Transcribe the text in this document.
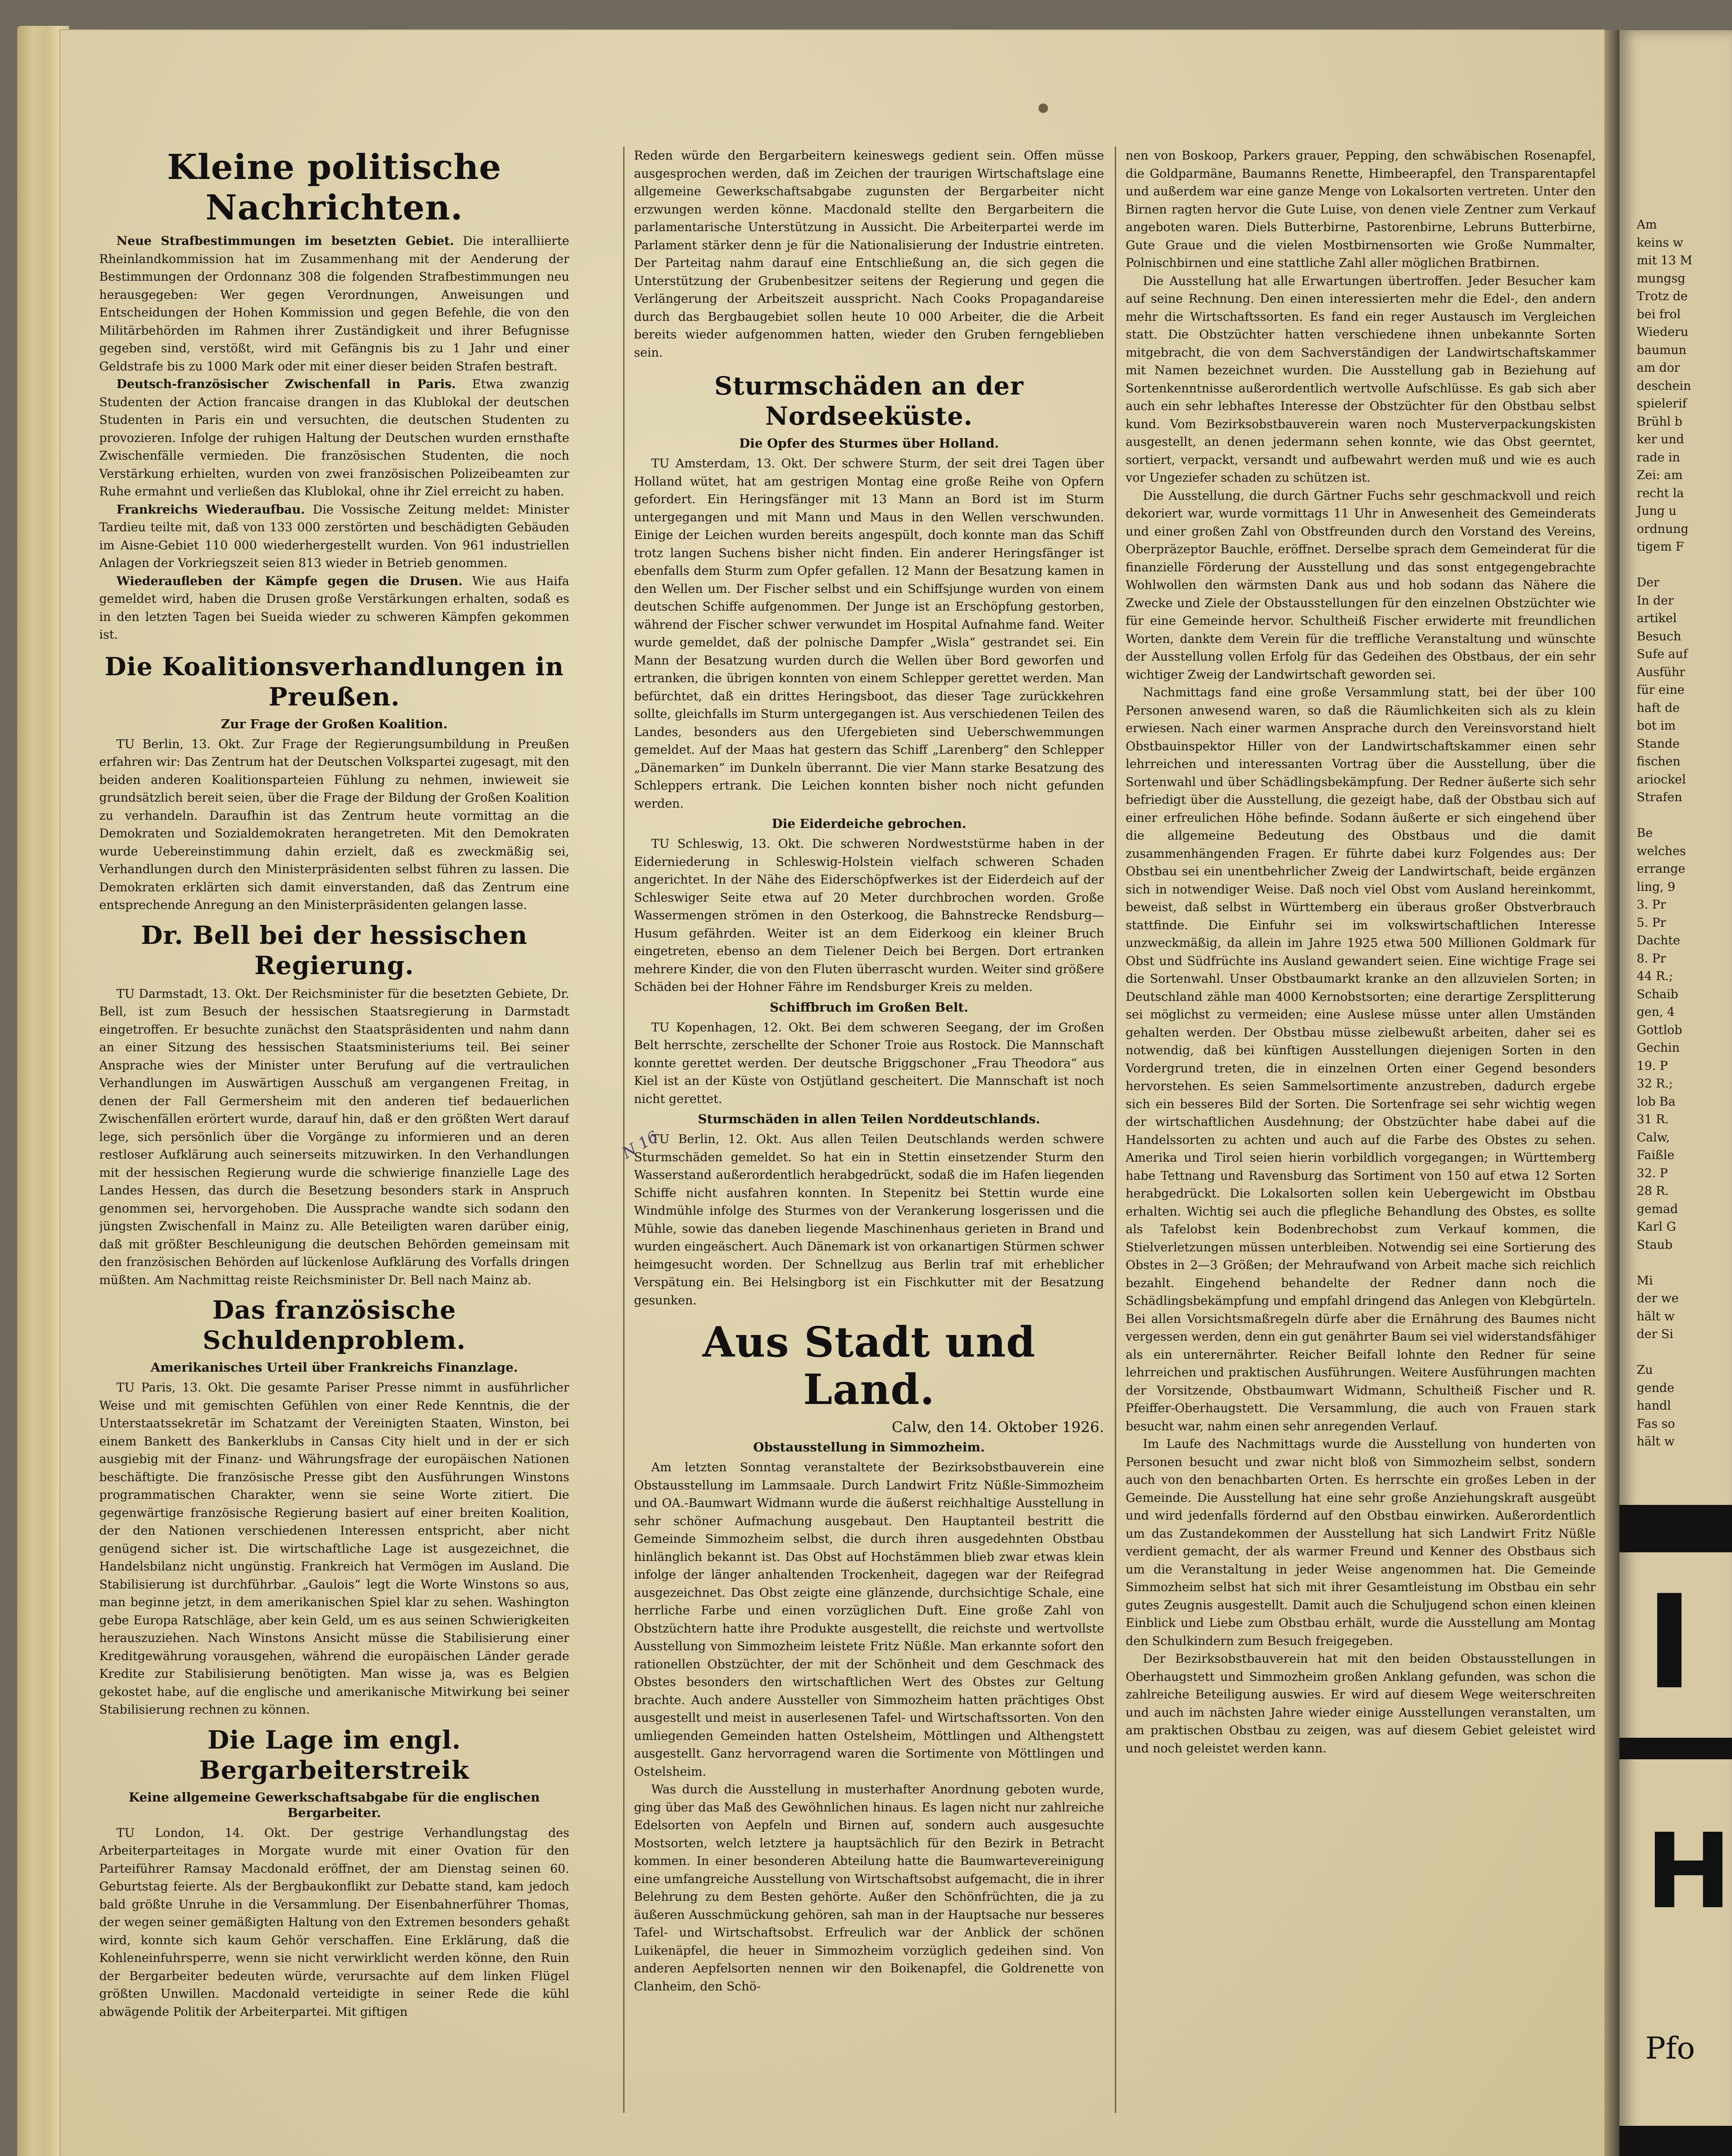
Kleine politische Nachrichten.

Neue Strafbestimmungen im besetzten Gebiet. Die interalliierte Rheinlandkommission hat im Zusammenhang mit der Aenderung der Bestimmungen der Ordonnanz 308 die folgenden Strafbestimmungen neu herausgegeben: Wer gegen Verordnungen, Anweisungen und Entscheidungen der Hohen Kommission und gegen Befehle, die von den Militärbehörden im Rahmen ihrer Zuständigkeit und ihrer Befugnisse gegeben sind, verstößt, wird mit Gefängnis bis zu 1 Jahr und einer Geldstrafe bis zu 1000 Mark oder mit einer dieser beiden Strafen bestraft.

Deutsch-französischer Zwischenfall in Paris. Etwa zwanzig Studenten der Action francaise drangen in das Klublokal der deutschen Studenten in Paris ein und versuchten, die deutschen Studenten zu provozieren. Infolge der ruhigen Haltung der Deutschen wurden ernsthafte Zwischenfälle vermieden. Die französischen Studenten, die noch Verstärkung erhielten, wurden von zwei französischen Polizeibeamten zur Ruhe ermahnt und verließen das Klublokal, ohne ihr Ziel erreicht zu haben.

Frankreichs Wiederaufbau. Die Vossische Zeitung meldet: Minister Tardieu teilte mit, daß von 133 000 zerstörten und beschädigten Gebäuden im Aisne-Gebiet 110 000 wiederhergestellt wurden. Von 961 industriellen Anlagen der Vorkriegszeit seien 813 wieder in Betrieb genommen.

Wiederaufleben der Kämpfe gegen die Drusen. Wie aus Haifa gemeldet wird, haben die Drusen große Verstärkungen erhalten, sodaß es in den letzten Tagen bei Sueida wieder zu schweren Kämpfen gekommen ist.

Die Koalitionsverhandlungen in Preußen.
Zur Frage der Großen Koalition.

TU Berlin, 13. Okt. Zur Frage der Regierungsumbildung in Preußen erfahren wir: Das Zentrum hat der Deutschen Volkspartei zugesagt, mit den beiden anderen Koalitionsparteien Fühlung zu nehmen, inwieweit sie grundsätzlich bereit seien, über die Frage der Bildung der Großen Koalition zu verhandeln. Daraufhin ist das Zentrum heute vormittag an die Demokraten und Sozialdemokraten herangetreten. Mit den Demokraten wurde Uebereinstimmung dahin erzielt, daß es zweckmäßig sei, Verhandlungen durch den Ministerpräsidenten selbst führen zu lassen. Die Demokraten erklärten sich damit einverstanden, daß das Zentrum eine entsprechende Anregung an den Ministerpräsidenten gelangen lasse.

Dr. Bell bei der hessischen Regierung.

TU Darmstadt, 13. Okt. Der Reichsminister für die besetzten Gebiete, Dr. Bell, ist zum Besuch der hessischen Staatsregierung in Darmstadt eingetroffen. Er besuchte zunächst den Staatspräsidenten und nahm dann an einer Sitzung des hessischen Staatsministeriums teil. Bei seiner Ansprache wies der Minister unter Berufung auf die vertraulichen Verhandlungen im Auswärtigen Ausschuß am vergangenen Freitag, in denen der Fall Germersheim mit den anderen tief bedauerlichen Zwischenfällen erörtert wurde, darauf hin, daß er den größten Wert darauf lege, sich persönlich über die Vorgänge zu informieren und an deren restloser Aufklärung auch seinerseits mitzuwirken. In den Verhandlungen mit der hessischen Regierung wurde die schwierige finanzielle Lage des Landes Hessen, das durch die Besetzung besonders stark in Anspruch genommen sei, hervorgehoben. Die Aussprache wandte sich sodann den jüngsten Zwischenfall in Mainz zu. Alle Beteiligten waren darüber einig, daß mit größter Beschleunigung die deutschen Behörden gemeinsam mit den französischen Behörden auf lückenlose Aufklärung des Vorfalls dringen müßten. Am Nachmittag reiste Reichsminister Dr. Bell nach Mainz ab.

Das französische Schuldenproblem.
Amerikanisches Urteil über Frankreichs Finanzlage.

TU Paris, 13. Okt. Die gesamte Pariser Presse nimmt in ausführlicher Weise und mit gemischten Gefühlen von einer Rede Kenntnis, die der Unterstaatssekretär im Schatzamt der Vereinigten Staaten, Winston, bei einem Bankett des Bankerklubs in Cansas City hielt und in der er sich ausgiebig mit der Finanz- und Währungsfrage der europäischen Nationen beschäftigte. Die französische Presse gibt den Ausführungen Winstons programmatischen Charakter, wenn sie seine Worte zitiert. Die gegenwärtige französische Regierung basiert auf einer breiten Koalition, der den Nationen verschiedenen Interessen entspricht, aber nicht genügend sicher ist. Die wirtschaftliche Lage ist ausgezeichnet, die Handelsbilanz nicht ungünstig. Frankreich hat Vermögen im Ausland. Die Stabilisierung ist durchführbar. „Gaulois“ legt die Worte Winstons so aus, man beginne jetzt, in dem amerikanischen Spiel klar zu sehen. Washington gebe Europa Ratschläge, aber kein Geld, um es aus seinen Schwierigkeiten herauszuziehen. Nach Winstons Ansicht müsse die Stabilisierung einer Kreditgewährung vorausgehen, während die europäischen Länder gerade Kredite zur Stabilisierung benötigten. Man wisse ja, was es Belgien gekostet habe, auf die englische und amerikanische Mitwirkung bei seiner Stabilisierung rechnen zu können.

Die Lage im engl. Bergarbeiterstreik
Keine allgemeine Gewerkschaftsabgabe für die englischen Bergarbeiter.

TU London, 14. Okt. Der gestrige Verhandlungstag des Arbeiterparteitages in Morgate wurde mit einer Ovation für den Parteiführer Ramsay Macdonald eröffnet, der am Dienstag seinen 60. Geburtstag feierte. Als der Bergbaukonflikt zur Debatte stand, kam jedoch bald größte Unruhe in die Versammlung. Der Eisenbahnerführer Thomas, der wegen seiner gemäßigten Haltung von den Extremen besonders gehaßt wird, konnte sich kaum Gehör verschaffen. Eine Erklärung, daß die Kohleneinfuhrsperre, wenn sie nicht verwirklicht werden könne, den Ruin der Bergarbeiter bedeuten würde, verursachte auf dem linken Flügel größten Unwillen. Macdonald verteidigte in seiner Rede die kühl abwägende Politik der Arbeiterpartei. Mit giftigen

Reden würde den Bergarbeitern keineswegs gedient sein. Offen müsse ausgesprochen werden, daß im Zeichen der traurigen Wirtschaftslage eine allgemeine Gewerkschaftsabgabe zugunsten der Bergarbeiter nicht erzwungen werden könne. Macdonald stellte den Bergarbeitern die parlamentarische Unterstützung in Aussicht. Die Arbeiterpartei werde im Parlament stärker denn je für die Nationalisierung der Industrie eintreten. Der Parteitag nahm darauf eine Entschließung an, die sich gegen die Unterstützung der Grubenbesitzer seitens der Regierung und gegen die Verlängerung der Arbeitszeit ausspricht. Nach Cooks Propagandareise durch das Bergbaugebiet sollen heute 10 000 Arbeiter, die die Arbeit bereits wieder aufgenommen hatten, wieder den Gruben ferngeblieben sein.

Sturmschäden an der Nordseeküste.
Die Opfer des Sturmes über Holland.

TU Amsterdam, 13. Okt. Der schwere Sturm, der seit drei Tagen über Holland wütet, hat am gestrigen Montag eine große Reihe von Opfern gefordert. Ein Heringsfänger mit 13 Mann an Bord ist im Sturm untergegangen und mit Mann und Maus in den Wellen verschwunden. Einige der Leichen wurden bereits angespült, doch konnte man das Schiff trotz langen Suchens bisher nicht finden. Ein anderer Heringsfänger ist ebenfalls dem Sturm zum Opfer gefallen. 12 Mann der Besatzung kamen in den Wellen um. Der Fischer selbst und ein Schiffsjunge wurden von einem deutschen Schiffe aufgenommen. Der Junge ist an Erschöpfung gestorben, während der Fischer schwer verwundet im Hospital Aufnahme fand. Weiter wurde gemeldet, daß der polnische Dampfer „Wisla“ gestrandet sei. Ein Mann der Besatzung wurden durch die Wellen über Bord geworfen und ertranken, die übrigen konnten von einem Schlepper gerettet werden. Man befürchtet, daß ein drittes Heringsboot, das dieser Tage zurückkehren sollte, gleichfalls im Sturm untergegangen ist. Aus verschiedenen Teilen des Landes, besonders aus den Ufergebieten sind Ueberschwemmungen gemeldet. Auf der Maas hat gestern das Schiff „Larenberg“ den Schlepper „Dänemarken“ im Dunkeln überrannt. Die vier Mann starke Besatzung des Schleppers ertrank. Die Leichen konnten bisher noch nicht gefunden werden.

Die Eiderdeiche gebrochen.

TU Schleswig, 13. Okt. Die schweren Nordweststürme haben in der Eiderniederung in Schleswig-Holstein vielfach schweren Schaden angerichtet. In der Nähe des Eiderschöpfwerkes ist der Eiderdeich auf der Schleswiger Seite etwa auf 20 Meter durchbrochen worden. Große Wassermengen strömen in den Osterkoog, die Bahnstrecke Rendsburg—Husum gefährden. Weiter ist an dem Eiderkoog ein kleiner Bruch eingetreten, ebenso an dem Tielener Deich bei Bergen. Dort ertranken mehrere Kinder, die von den Fluten überrascht wurden. Weiter sind größere Schäden bei der Hohner Fähre im Rendsburger Kreis zu melden.

Schiffbruch im Großen Belt.

TU Kopenhagen, 12. Okt. Bei dem schweren Seegang, der im Großen Belt herrschte, zerschellte der Schoner Troie aus Rostock. Die Mannschaft konnte gerettet werden. Der deutsche Briggschoner „Frau Theodora“ aus Kiel ist an der Küste von Ostjütland gescheitert. Die Mannschaft ist noch nicht gerettet.

Sturmschäden in allen Teilen Norddeutschlands.

TU Berlin, 12. Okt. Aus allen Teilen Deutschlands werden schwere Sturmschäden gemeldet. So hat ein in Stettin einsetzender Sturm den Wasserstand außerordentlich herabgedrückt, sodaß die im Hafen liegenden Schiffe nicht ausfahren konnten. In Stepenitz bei Stettin wurde eine Windmühle infolge des Sturmes von der Verankerung losgerissen und die Mühle, sowie das daneben liegende Maschinenhaus gerieten in Brand und wurden eingeäschert. Auch Dänemark ist von orkanartigen Stürmen schwer heimgesucht worden. Der Schnellzug aus Berlin traf mit erheblicher Verspätung ein. Bei Helsingborg ist ein Fischkutter mit der Besatzung gesunken.

Aus Stadt und Land.
Calw, den 14. Oktober 1926.
Obstausstellung in Simmozheim.

Am letzten Sonntag veranstaltete der Bezirksobstbauverein eine Obstausstellung im Lammsaale. Durch Landwirt Fritz Nüßle-Simmozheim und OA.-Baumwart Widmann wurde die äußerst reichhaltige Ausstellung in sehr schöner Aufmachung ausgebaut. Den Hauptanteil bestritt die Gemeinde Simmozheim selbst, die durch ihren ausgedehnten Obstbau hinlänglich bekannt ist. Das Obst auf Hochstämmen blieb zwar etwas klein infolge der länger anhaltenden Trockenheit, dagegen war der Reifegrad ausgezeichnet. Das Obst zeigte eine glänzende, durchsichtige Schale, eine herrliche Farbe und einen vorzüglichen Duft. Eine große Zahl von Obstzüchtern hatte ihre Produkte ausgestellt, die reichste und wertvollste Ausstellung von Simmozheim leistete Fritz Nüßle. Man erkannte sofort den rationellen Obstzüchter, der mit der Schönheit und dem Geschmack des Obstes besonders den wirtschaftlichen Wert des Obstes zur Geltung brachte. Auch andere Aussteller von Simmozheim hatten prächtiges Obst ausgestellt und meist in auserlesenen Tafel- und Wirtschaftssorten. Von den umliegenden Gemeinden hatten Ostelsheim, Möttlingen und Althengstett ausgestellt. Ganz hervorragend waren die Sortimente von Möttlingen und Ostelsheim.

Was durch die Ausstellung in musterhafter Anordnung geboten wurde, ging über das Maß des Gewöhnlichen hinaus. Es lagen nicht nur zahlreiche Edelsorten von Aepfeln und Birnen auf, sondern auch ausgesuchte Mostsorten, welch letztere ja hauptsächlich für den Bezirk in Betracht kommen. In einer besonderen Abteilung hatte die Baumwartevereinigung eine umfangreiche Ausstellung von Wirtschaftsobst aufgemacht, die in ihrer Belehrung zu dem Besten gehörte. Außer den Schönfrüchten, die ja zu äußeren Ausschmückung gehören, sah man in der Hauptsache nur besseres Tafel- und Wirtschaftsobst. Erfreulich war der Anblick der schönen Luikenäpfel, die heuer in Simmozheim vorzüglich gedeihen sind. Von anderen Aepfelsorten nennen wir den Boikenapfel, die Goldrenette von Clanheim, den Schö-

nen von Boskoop, Parkers grauer, Pepping, den schwäbischen Rosenapfel, die Goldparmäne, Baumanns Renette, Himbeerapfel, den Transparentapfel und außerdem war eine ganze Menge von Lokalsorten vertreten. Unter den Birnen ragten hervor die Gute Luise, von denen viele Zentner zum Verkauf angeboten waren. Diels Butterbirne, Pastorenbirne, Lebruns Butterbirne, Gute Graue und die vielen Mostbirnensorten wie Große Nummalter, Polnischbirnen und eine stattliche Zahl aller möglichen Bratbirnen.

Die Ausstellung hat alle Erwartungen übertroffen. Jeder Besucher kam auf seine Rechnung. Den einen interessierten mehr die Edel-, den andern mehr die Wirtschaftssorten. Es fand ein reger Austausch im Vergleichen statt. Die Obstzüchter hatten verschiedene ihnen unbekannte Sorten mitgebracht, die von dem Sachverständigen der Landwirtschaftskammer mit Namen bezeichnet wurden. Die Ausstellung gab in Beziehung auf Sortenkenntnisse außerordentlich wertvolle Aufschlüsse. Es gab sich aber auch ein sehr lebhaftes Interesse der Obstzüchter für den Obstbau selbst kund. Vom Bezirksobstbauverein waren noch Musterverpackungskisten ausgestellt, an denen jedermann sehen konnte, wie das Obst geerntet, sortiert, verpackt, versandt und aufbewahrt werden muß und wie es auch vor Ungeziefer schaden zu schützen ist.

Die Ausstellung, die durch Gärtner Fuchs sehr geschmackvoll und reich dekoriert war, wurde vormittags 11 Uhr in Anwesenheit des Gemeinderats und einer großen Zahl von Obstfreunden durch den Vorstand des Vereins, Oberpräzeptor Bauchle, eröffnet. Derselbe sprach dem Gemeinderat für die finanzielle Förderung der Ausstellung und das sonst entgegengebrachte Wohlwollen den wärmsten Dank aus und hob sodann das Nähere die Zwecke und Ziele der Obstausstellungen für den einzelnen Obstzüchter wie für eine Gemeinde hervor. Schultheiß Fischer erwiderte mit freundlichen Worten, dankte dem Verein für die treffliche Veranstaltung und wünschte der Ausstellung vollen Erfolg für das Gedeihen des Obstbaus, der ein sehr wichtiger Zweig der Landwirtschaft geworden sei.

Nachmittags fand eine große Versammlung statt, bei der über 100 Personen anwesend waren, so daß die Räumlichkeiten sich als zu klein erwiesen. Nach einer warmen Ansprache durch den Vereinsvorstand hielt Obstbauinspektor Hiller von der Landwirtschaftskammer einen sehr lehrreichen und interessanten Vortrag über die Ausstellung, über die Sortenwahl und über Schädlingsbekämpfung. Der Redner äußerte sich sehr befriedigt über die Ausstellung, die gezeigt habe, daß der Obstbau sich auf einer erfreulichen Höhe befinde. Sodann äußerte er sich eingehend über die allgemeine Bedeutung des Obstbaus und die damit zusammenhängenden Fragen. Er führte dabei kurz Folgendes aus: Der Obstbau sei ein unentbehrlicher Zweig der Landwirtschaft, beide ergänzen sich in notwendiger Weise. Daß noch viel Obst vom Ausland hereinkommt, beweist, daß selbst in Württemberg ein überaus großer Obstverbrauch stattfinde. Die Einfuhr sei im volkswirtschaftlichen Interesse unzweckmäßig, da allein im Jahre 1925 etwa 500 Millionen Goldmark für Obst und Südfrüchte ins Ausland gewandert seien. Eine wichtige Frage sei die Sortenwahl. Unser Obstbaumarkt kranke an den allzuvielen Sorten; in Deutschland zähle man 4000 Kernobstsorten; eine derartige Zersplitterung sei möglichst zu vermeiden; eine Auslese müsse unter allen Umständen gehalten werden. Der Obstbau müsse zielbewußt arbeiten, daher sei es notwendig, daß bei künftigen Ausstellungen diejenigen Sorten in den Vordergrund treten, die in einzelnen Orten einer Gegend besonders hervorstehen. Es seien Sammelsortimente anzustreben, dadurch ergebe sich ein besseres Bild der Sorten. Die Sortenfrage sei sehr wichtig wegen der wirtschaftlichen Ausdehnung; der Obstzüchter habe dabei auf die Handelssorten zu achten und auch auf die Farbe des Obstes zu sehen. Amerika und Tirol seien hierin vorbildlich vorgegangen; in Württemberg habe Tettnang und Ravensburg das Sortiment von 150 auf etwa 12 Sorten herabgedrückt. Die Lokalsorten sollen kein Uebergewicht im Obstbau erhalten. Wichtig sei auch die pflegliche Behandlung des Obstes, es sollte als Tafelobst kein Bodenbrechobst zum Verkauf kommen, die Stielverletzungen müssen unterbleiben. Notwendig sei eine Sortierung des Obstes in 2—3 Größen; der Mehraufwand von Arbeit mache sich reichlich bezahlt. Eingehend behandelte der Redner dann noch die Schädlingsbekämpfung und empfahl dringend das Anlegen von Klebgürteln. Bei allen Vorsichtsmaßregeln dürfe aber die Ernährung des Baumes nicht vergessen werden, denn ein gut genährter Baum sei viel widerstandsfähiger als ein unterernährter. Reicher Beifall lohnte den Redner für seine lehrreichen und praktischen Ausführungen. Weitere Ausführungen machten der Vorsitzende, Obstbaumwart Widmann, Schultheiß Fischer und R. Pfeiffer-Oberhaugstett. Die Versammlung, die auch von Frauen stark besucht war, nahm einen sehr anregenden Verlauf.

Im Laufe des Nachmittags wurde die Ausstellung von hunderten von Personen besucht und zwar nicht bloß von Simmozheim selbst, sondern auch von den benachbarten Orten. Es herrschte ein großes Leben in der Gemeinde. Die Ausstellung hat eine sehr große Anziehungskraft ausgeübt und wird jedenfalls fördernd auf den Obstbau einwirken. Außerordentlich um das Zustandekommen der Ausstellung hat sich Landwirt Fritz Nüßle verdient gemacht, der als warmer Freund und Kenner des Obstbaus sich um die Veranstaltung in jeder Weise angenommen hat. Die Gemeinde Simmozheim selbst hat sich mit ihrer Gesamtleistung im Obstbau ein sehr gutes Zeugnis ausgestellt. Damit auch die Schuljugend schon einen kleinen Einblick und Liebe zum Obstbau erhält, wurde die Ausstellung am Montag den Schulkindern zum Besuch freigegeben.

Der Bezirksobstbauverein hat mit den beiden Obstausstellungen in Oberhaugstett und Simmozheim großen Anklang gefunden, was schon die zahlreiche Beteiligung auswies. Er wird auf diesem Wege weiterschreiten und auch im nächsten Jahre wieder einige Ausstellungen veranstalten, um am praktischen Obstbau zu zeigen, was auf diesem Gebiet geleistet wird und noch geleistet werden kann.

N 16
Am
keins w
mit 13 M
mungsg
Trotz de
bei frol
Wiederu
baumun
am dor
deschein
spielerif
Brühl b
ker und
rade in
Zei: am
recht la
Jung u
ordnung
tigem F

Der
In der
artikel
Besuch
Sufe auf
Ausführ
für eine
haft de
bot im
Stande
fischen
ariockel
Strafen

Be
welches
errange
ling, 9
3. Pr
5. Pr
Dachte
8. Pr
44 R.;
Schaib
gen, 4
Gottlob
Gechin
19. P
32 R.;
lob Ba
31 R.
Calw,
Faißle
32. P
28 R.
gemad
Karl G
Staub

Mi
der we
hält w
der Si

Zu
gende
handl
Fas so
hält w
I
H
Pfo
